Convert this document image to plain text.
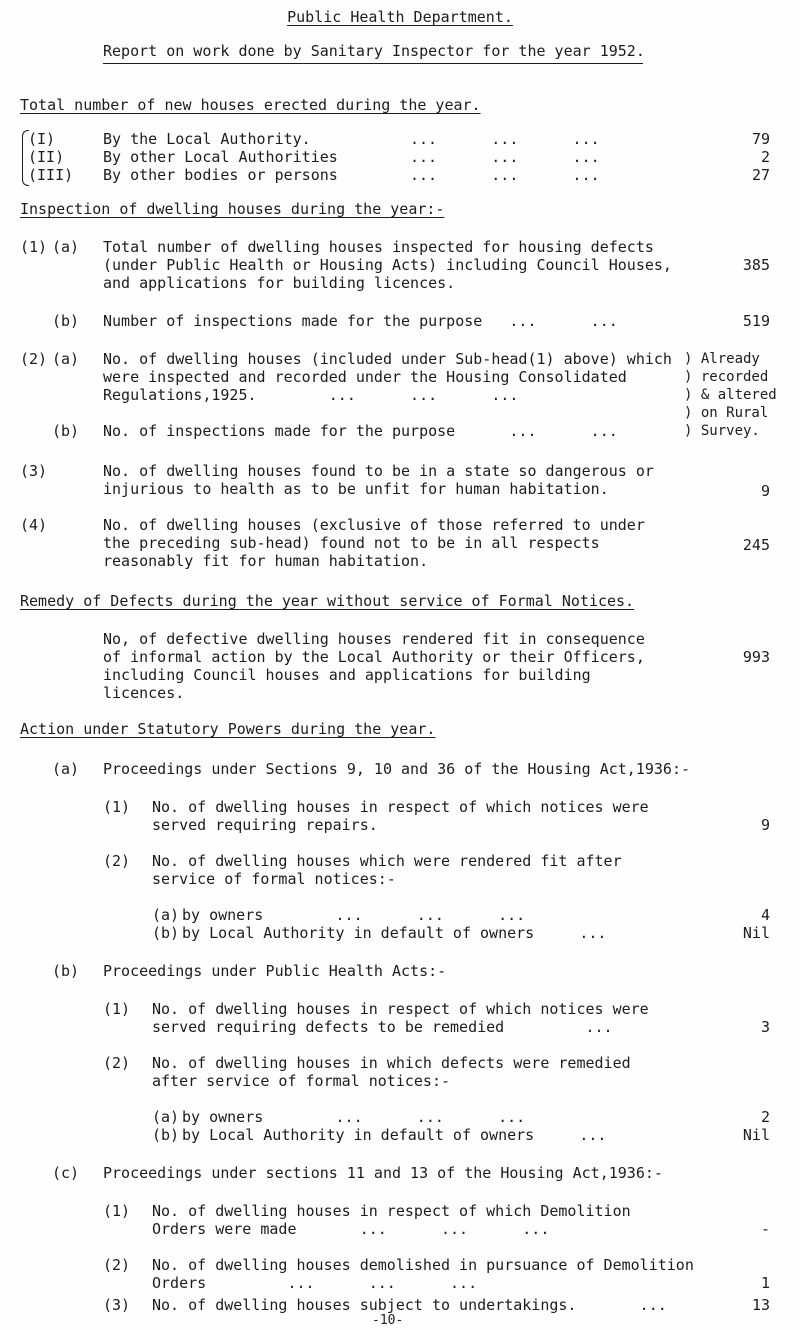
Public Health Department.
Report on work done by Sanitary Inspector for the year 1952.
Total number of new houses erected during the year.
(I)	By the Local Authority.	...      ...      ...	79
(II)	By other Local Authorities	...      ...      ...	2
(III) By other bodies or persons	...      ...      ...	27
Inspection of dwelling houses during the year:-
(1) (a) Total number of dwelling houses inspected for housing defects
(under Public Health or Housing Acts) including Council Houses,
and applications for building licences.
385
(b) Number of inspections made for the purpose   ...      ...	519
(2) (a) No. of dwelling houses (included under Sub-head(1) above) which
were inspected and recorded under the Housing Consolidated
Regulations,1925.        ...      ...      ...
(b) No. of inspections made for the purpose      ...      ...
) Already
) recorded
) & altered
) on Rural
) Survey.
(3)	No. of dwelling houses found to be in a state so dangerous or
injurious to health as to be unfit for human habitation.	9
(4)	No. of dwelling houses (exclusive of those referred to under
the preceding sub-head) found not to be in all respects
reasonably fit for human habitation.
245
Remedy of Defects during the year without service of Formal Notices.
No, of defective dwelling houses rendered fit in consequence
of informal action by the Local Authority or their Officers,
including Council houses and applications for building
licences.
993
Action under Statutory Powers during the year.
(a) Proceedings under Sections 9, 10 and 36 of the Housing Act,1936:-
(1) No. of dwelling houses in respect of which notices were
served requiring repairs.	9
(2) No. of dwelling houses which were rendered fit after
service of formal notices:-
(a) by owners        ...      ...      ...	4
(b) by Local Authority in default of owners     ...	Nil
(b) Proceedings under Public Health Acts:-
(1) No. of dwelling houses in respect of which notices were
served requiring defects to be remedied         ...	3
(2) No. of dwelling houses in which defects were remedied
after service of formal notices:-
(a) by owners        ...      ...      ...	2
(b) by Local Authority in default of owners     ...	Nil
(c) Proceedings under sections 11 and 13 of the Housing Act,1936:-
(1) No. of dwelling houses in respect of which Demolition
Orders were made       ...      ...      ...	-
(2) No. of dwelling houses demolished in pursuance of Demolition
Orders         ...      ...      ...	1
(3) No. of dwelling houses subject to undertakings.       ...	13
-10-
